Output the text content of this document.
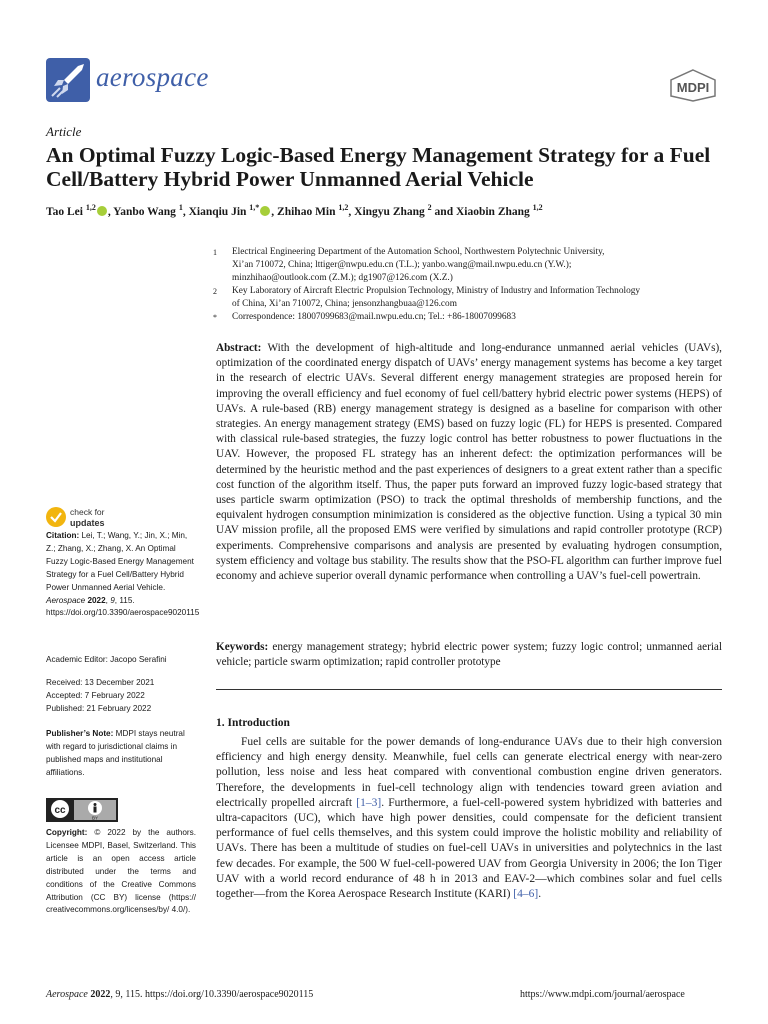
aerospace	MDPI
Article
An Optimal Fuzzy Logic-Based Energy Management Strategy for a Fuel Cell/Battery Hybrid Power Unmanned Aerial Vehicle
Tao Lei $^{1,2}$ , Yanbo Wang $^1$, Xianqiu Jin $^{1,*}$ , Zhihao Min $^{1,2}$, Xingyu Zhang $^2$ and Xiaobin Zhang $^{1,2}$
1	Electrical Engineering Department of the Automation School, Northwestern Polytechnic University,
Xi’an 710072, China; lttiger@nwpu.edu.cn (T.L.); yanbo.wang@mail.nwpu.edu.cn (Y.W.);
minzhihao@outlook.com (Z.M.); dg1907@126.com (X.Z.)
2	Key Laboratory of Aircraft Electric Propulsion Technology, Ministry of Industry and Information Technology
of China, Xi’an 710072, China; jensonzhangbuaa@126.com
*	Correspondence: 18007099683@mail.nwpu.edu.cn; Tel.: +86-18007099683
Abstract: With the development of high-altitude and long-endurance unmanned aerial vehicles (UAVs), optimization of the coordinated energy dispatch of UAVs’ energy management systems has become a key target in the research of electric UAVs. Several different energy management strategies are proposed herein for improving the overall efficiency and fuel economy of fuel cell/battery hybrid electric power systems (HEPS) of UAVs. A rule-based (RB) energy management strategy is designed as a baseline for comparison with other strategies. An energy management strategy (EMS) based on fuzzy logic (FL) for HEPS is presented. Compared with classical rule-based strategies, the fuzzy logic control has better robustness to power fluctuations in the UAV. However, the proposed FL strategy has an inherent defect: the optimization performances will be determined by the heuristic method and the past experiences of designers to a great extent rather than a specific cost function of the algorithm itself. Thus, the paper puts forward an improved fuzzy logic-based strategy that uses particle swarm optimization (PSO) to track the optimal thresholds of membership functions, and the equivalent hydrogen consumption minimization is considered as the objective function. Using a typical 30 min UAV mission profile, all the proposed EMS were verified by simulations and rapid controller prototype (RCP) experiments. Comprehensive comparisons and analysis are presented by evaluating hydrogen consumption, system efficiency and voltage bus stability. The results show that the PSO-FL algorithm can further improve fuel economy and achieve superior overall dynamic performance when controlling a UAV’s fuel-cell powertrain.
Keywords: energy management strategy; hybrid electric power system; fuzzy logic control; unmanned aerial vehicle; particle swarm optimization; rapid controller prototype
1. Introduction

Fuel cells are suitable for the power demands of long-endurance UAVs due to their high conversion efficiency and high energy density. Meanwhile, fuel cells can generate electrical energy with near-zero pollution, less noise and less heat compared with conventional combustion engine driven generators. Therefore, the developments in fuel-cell technology align with tendencies toward green aviation and electrically propelled aircraft [1–3]. Furthermore, a fuel-cell-powered system hybridized with batteries and ultra-capacitors (UC), which have high power densities, could compensate for the deficient transient performance of fuel cells themselves, and this system could improve the holistic mobility and reliability of UAVs. There has been a multitude of studies on fuel-cell UAVs in universities and polytechnics in the last few decades. For example, the 500 W fuel-cell-powered UAV from Georgia University in 2006; the Ion Tiger UAV with a world record endurance of 48 h in 2013 and EAV-2—which combines solar and fuel cells together—from the Korea Aerospace Research Institute (KARI) [4–6].

check for
updates

Citation: Lei, T.; Wang, Y.; Jin, X.; Min, Z.; Zhang, X.; Zhang, X. An Optimal Fuzzy Logic-Based Energy Management Strategy for a Fuel Cell/Battery Hybrid Power Unmanned Aerial Vehicle. Aerospace 2022, 9, 115. https://doi.org/10.3390/aerospace9020115

Academic Editor: Jacopo Serafini

Received: 13 December 2021

Accepted: 7 February 2022

Published: 21 February 2022

Publisher’s Note: MDPI stays neutral with regard to jurisdictional claims in published maps and institutional affiliations.

cc
BY

Copyright: © 2022 by the authors. Licensee MDPI, Basel, Switzerland. This article is an open access article distributed under the terms and conditions of the Creative Commons Attribution (CC BY) license (https:// creativecommons.org/licenses/by/ 4.0/).

Aerospace 2022, 9, 115. https://doi.org/10.3390/aerospace9020115	https://www.mdpi.com/journal/aerospace
